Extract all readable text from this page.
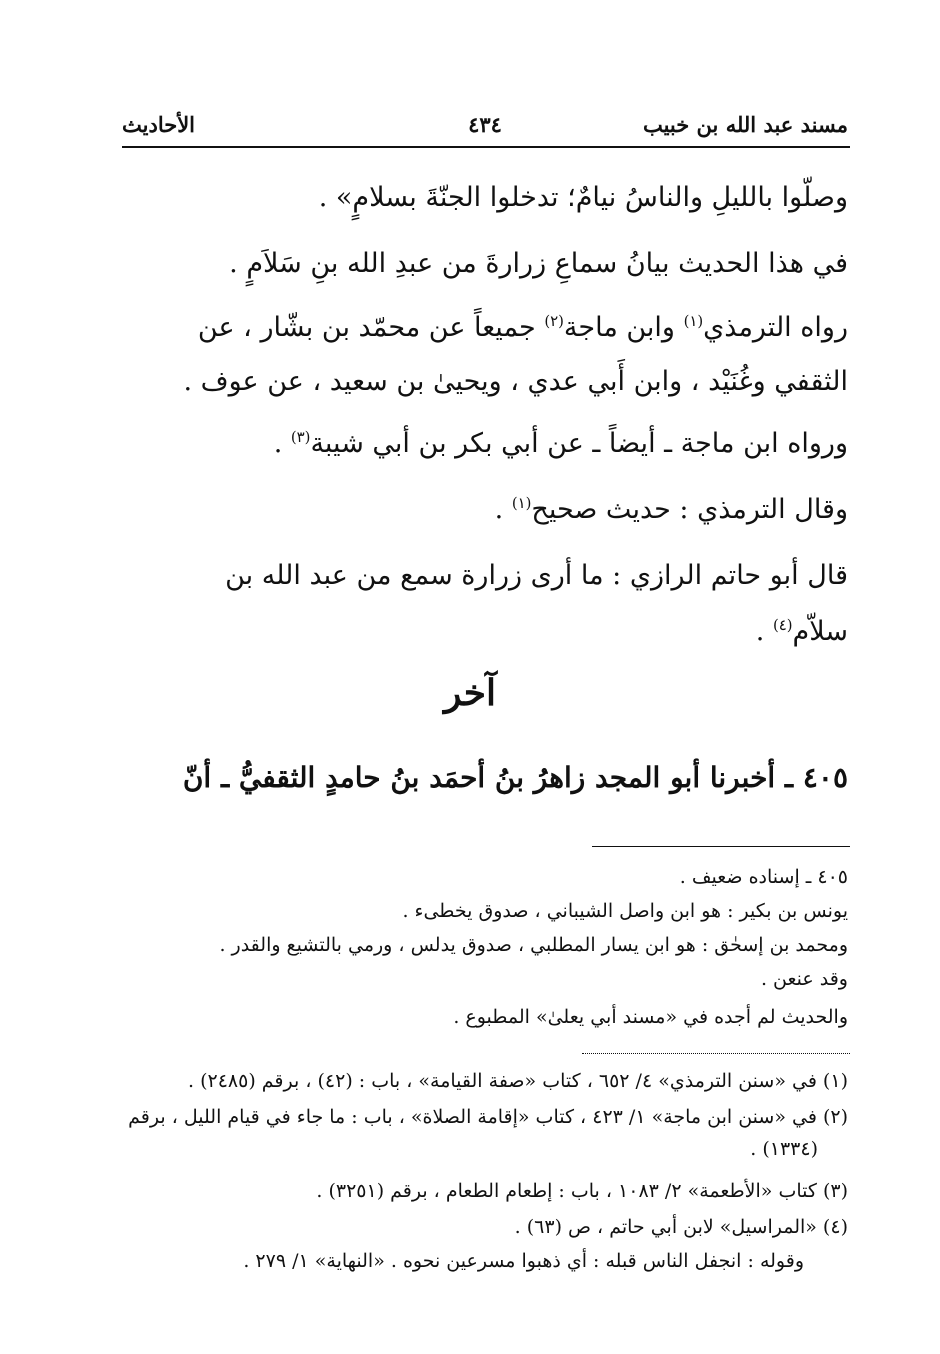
مسند عبد الله بن خبيب
٤٣٤
الأحاديث
وصلّوا بالليلِ والناسُ نيامٌ؛ تدخلوا الجنّةَ بسلامٍ» .
في هذا الحديث بيانُ سماعِ زرارةَ من عبدِ الله بنِ سَلاَمٍ .
رواه الترمذي$^{(١)}$ وابن ماجة$^{(٢)}$ جميعاً عن محمّد بن بشّار ، عن
الثقفي وغُنَيْد ، وابن أَبي عدي ، ويحيىٰ بن سعيد ، عن عوف .
ورواه ابن ماجة ـ أيضاً ـ عن أبي بكر بن أبي شيبة$^{(٣)}$ .
وقال الترمذي : حديث صحيح$^{(١)}$ .
قال أبو حاتم الرازي : ما أرى زرارة سمع من عبد الله بن
سلاّم$^{(٤)}$ .
آخر
٤٠٥ ـ أخبرنا أبو المجد زاهرُ بنُ أحمَد بنُ حامدٍ الثقفيُّ ـ أنّ
٤٠٥ ـ إسناده ضعيف .
يونس بن بكير : هو ابن واصل الشيباني ، صدوق يخطىء .
ومحمد بن إسحٰق : هو ابن يسار المطلبي ، صدوق يدلس ، ورمي بالتشيع والقدر .
وقد عنعن .
والحديث لم أجده في «مسند أبي يعلىٰ» المطبوع .
(١) في «سنن الترمذي» ٤/ ٦٥٢ ، كتاب «صفة القيامة» ، باب : (٤٢) ، برقم (٢٤٨٥) .
(٢) في «سنن ابن ماجة» ١/ ٤٢٣ ، كتاب «إقامة الصلاة» ، باب : ما جاء في قيام الليل ، برقم
(١٣٣٤) .
(٣) كتاب «الأطعمة» ٢/ ١٠٨٣ ، باب : إطعام الطعام ، برقم (٣٢٥١) .
(٤) «المراسيل» لابن أبي حاتم ، ص (٦٣) .
وقوله : انجفل الناس قبله : أي ذهبوا مسرعين نحوه . «النهاية» ١/ ٢٧٩ .
